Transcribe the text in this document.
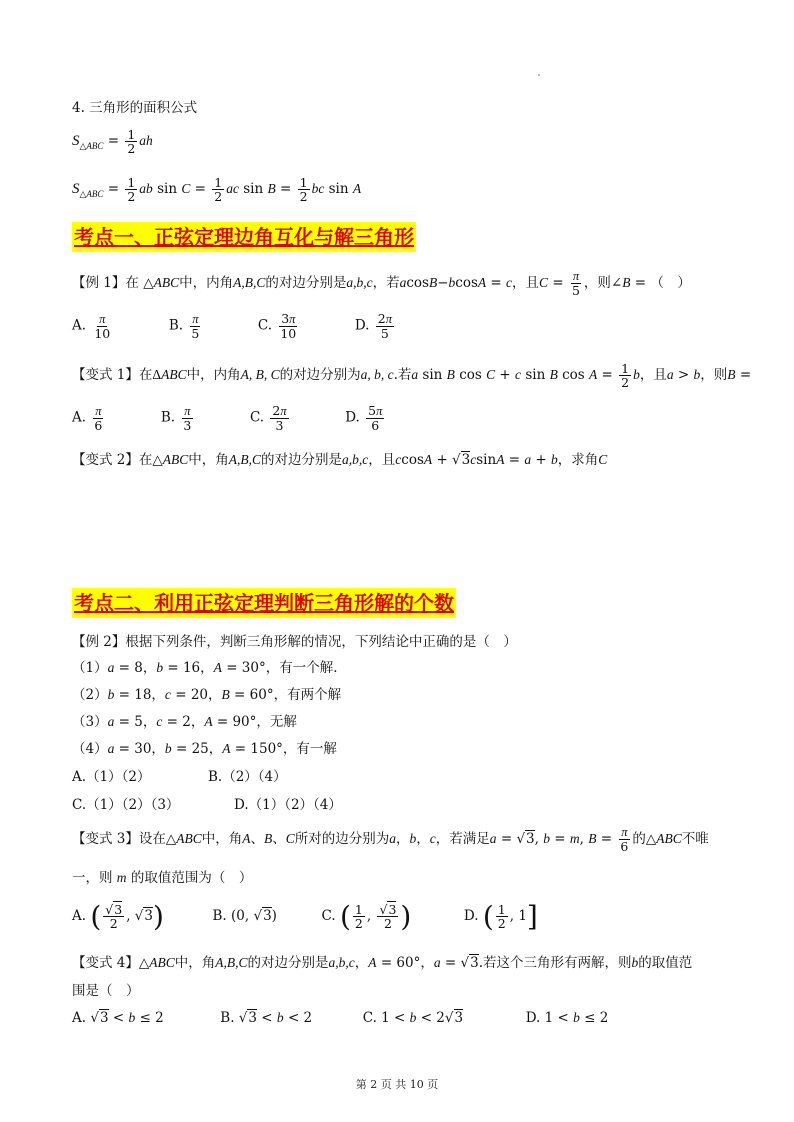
4. 三角形的面积公式
$S_{\triangle ABC} = \frac{1}{2}$ ah
$S_{\triangle ABC} = \frac{1}{2}$ ab $\sin C = \frac{1}{2}$ ac $\sin B = \frac{1}{2}$ bc sin A
考点一、正弦定理边角互化与解三角形
【例 1】在 △ABC中，内角A,B,C的对边分别是a,b,c，若acosB−bcosA = c，且$C = \frac{\pi}{5}$ ，则∠B = （　）
A. $\frac{\pi}{10}$	B. $\frac{\pi}{5}$	C. $\frac{3\pi}{10}$	D. $\frac{2\pi}{5}$
【变式 1】在ΔABC中，内角A, B, C的对边分别为a, b, c.若a sin B cos C + c sin B $\cos A = \frac{1}{2}$ b，且a > b，则B =
A. $\frac{\pi}{6}$	B. $\frac{\pi}{3}$	C. $\frac{2\pi}{3}$	D. $\frac{5\pi}{6}$
【变式 2】在△ABC中，角A,B,C的对边分别是a,b,c，且ccosA + √3csinA = a + b，求角C
考点二、利用正弦定理判断三角形解的个数
【例 2】根据下列条件，判断三角形解的情况，下列结论中正确的是（　）
（1）a = 8，b = 16，A = 30°，有一个解.
（2）b = 18，c = 20，B = 60°，有两个解
（3）a = 5，c = 2，A = 90°，无解
（4）a = 30，b = 25，A = 150°，有一解
A.（1）（2）	B.（2）（4）
C.（1）（2）（3）	D.（1）（2）（4）
【变式 3】设在△ABC中，角A、B、C所对的边分别为a，b，c，若满足a = √3, b = m, $B = \frac{\pi}{6}$ 的△ABC不唯
一，则 m 的取值范围为（　）
A. ( $\frac{√3}{2}$ , √3)	B. (0, √3)	C. ( $\frac{1}{2}$ , $\frac{√3}{2}$ )	D. ( $\frac{1}{2}$ , 1]
【变式 4】△ABC中，角A,B,C的对边分别是a,b,c，A = 60°，a = √3.若这个三角形有两解，则b的取值范
围是（　）
A. √3 < b ≤ 2	B. √3 < b < 2	C. 1 < b < 2√3	D. 1 < b ≤ 2
第 2 页 共 10 页
